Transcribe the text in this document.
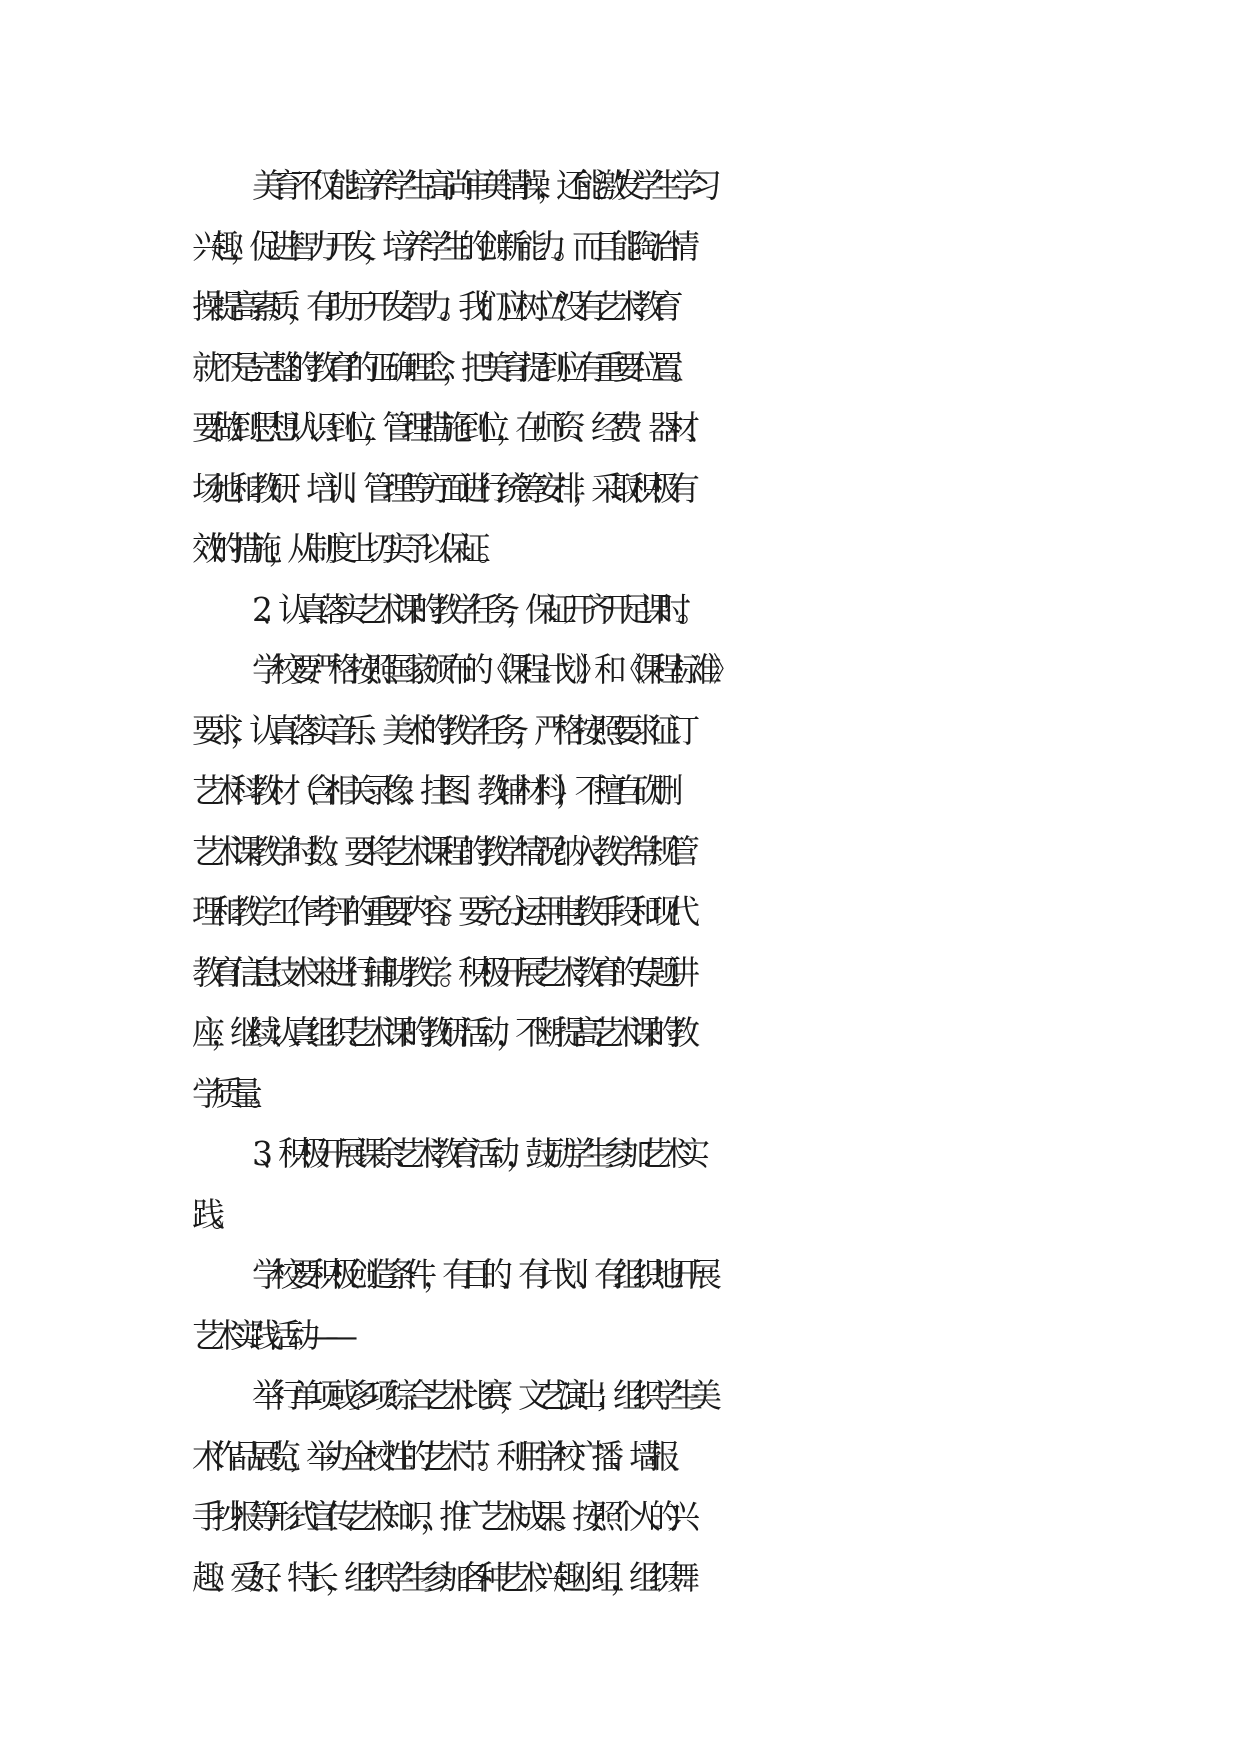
美育不仅能培养学生高尚审美情操，还能激发学生学习
兴趣，促进智力开发，培养学生的创新能力。而且能陶冶情
操提高素质，有助于开发智力。我们应树立“没有艺术教育
就不是完整的教育”的正确理念，把美育提到应有重要位置。
要做到思想认识到位，管理措施到位，在师资、经费、器材、
场地和教研、培训、管理等方面进行统筹安排，采取积极有
效的措施，从制度上切实予以保证。

2、认真落实艺术课的教学任务，保证开齐开足课时。

学校要严格按照国家颁布的《课程计划》和《课程标准》
要求，认真落实音乐、美术的教学任务，严格按照要求征订
艺术科教材（含相关录像、挂图、教辅材料），不擅自砍删
艺术课教学时数。要将艺术课程的教学情况纳入教学常规管
理和教学工作考评的重要内容。要充分运用电教手段和现代
教育信息技术来进行辅助教学。积极开展艺术教育的专题讲
座，继续认真组织艺术课的教研活动，不断提高艺术课的教
学质量。

3、积极开展课余艺术教育活动，鼓励学生参加艺术实
践。

学校要积极创造条件，有目的、有计划、有组织地开展
艺术实践活动——

举行单项或多项综合艺术比赛，文艺演出；组织学生美
术作品展览；举办全校性的艺术节。利用学校广播、墙报、
手抄报等形式宣传艺术知识，推广艺术成果。按照个人的兴
趣、爱好、特长，组织学生参加各种艺术兴趣小组，组织舞
